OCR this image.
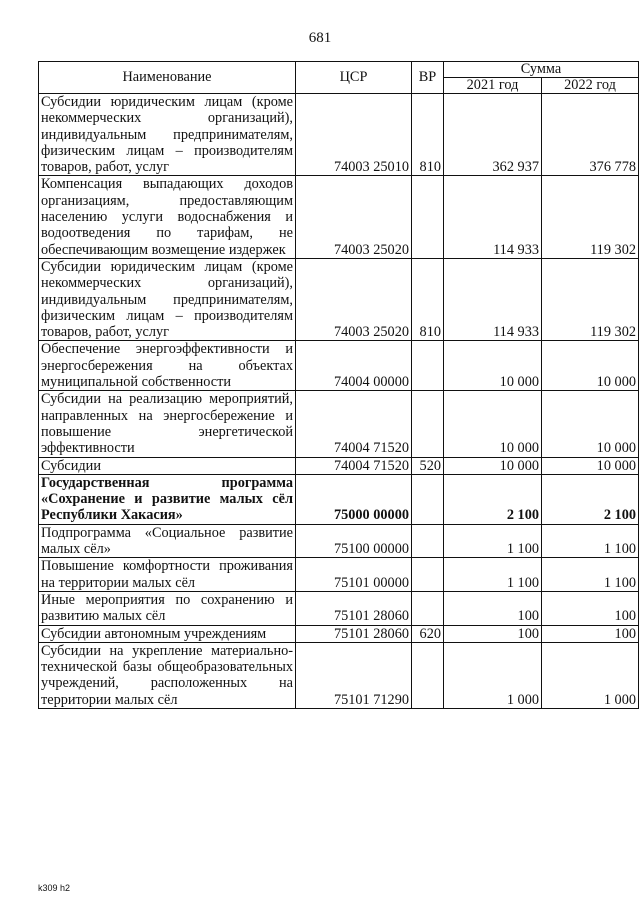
681
Наименование	ЦСР	ВР	Сумма	
			2021 год	2022 год
Субсидии юридическим лицам (кроме некоммерческих организаций), индивидуальным предпринимателям, физическим лицам – производителям товаров, работ, услуг	74003 25010	810	362 937	376 778
Компенсация выпадающих доходов организациям, предоставляющим населению услуги водоснабжения и водоотведения по тарифам, не обеспечивающим возмещение издержек	74003 25020		114 933	119 302
Субсидии юридическим лицам (кроме некоммерческих организаций), индивидуальным предпринимателям, физическим лицам – производителям товаров, работ, услуг	74003 25020	810	114 933	119 302
Обеспечение энергоэффективности и энергосбережения на объектах муниципальной собственности	74004 00000		10 000	10 000
Субсидии на реализацию мероприятий, направленных на энергосбережение и повышение энергетической эффективности	74004 71520		10 000	10 000
Субсидии	74004 71520	520	10 000	10 000
Государственная программа «Сохранение и развитие малых сёл Республики Хакасия»	75000 00000		2 100	2 100
Подпрограмма «Социальное развитие малых сёл»	75100 00000		1 100	1 100
Повышение комфортности проживания на территории малых сёл	75101 00000		1 100	1 100
Иные мероприятия по сохранению и развитию малых сёл	75101 28060		100	100
Субсидии автономным учреждениям	75101 28060	620	100	100
Субсидии на укрепление материально-технической базы общеобразовательных учреждений, расположенных на территории малых сёл	75101 71290		1 000	1 000
k309 h2
